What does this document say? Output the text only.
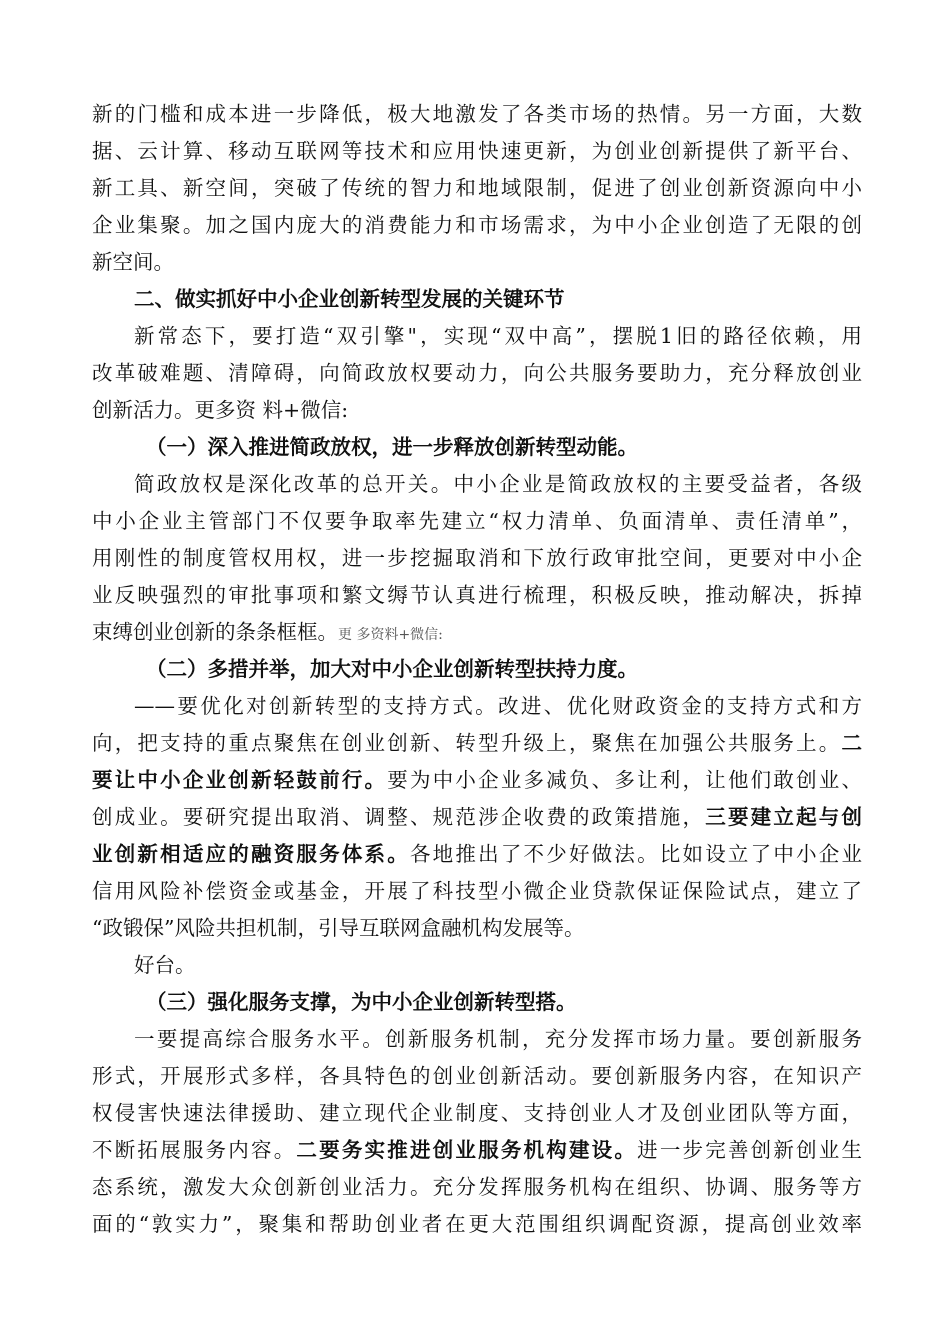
新的门槛和成本进一步降低，极大地激发了各类市场的热情。另一方面，大数
据、云计算、移动互联网等技术和应用快速更新，为创业创新提供了新平台、
新工具、新空间，突破了传统的智力和地域限制，促进了创业创新资源向中小
企业集聚。加之国内庞大的消费能力和市场需求，为中小企业创造了无限的创
新空间。
二、做实抓好中小企业创新转型发展的关键环节
新常态下，要打造“双引擎"，实现“双中高”，摆脱1旧的路径依赖，用
改革破难题、清障碍，向简政放权要动力，向公共服务要助力，充分释放创业
创新活力。更多资 料+微信:
（一）深入推进简政放权，进一步释放创新转型动能。
简政放权是深化改革的总开关。中小企业是简政放权的主要受益者，各级
中小企业主管部门不仅要争取率先建立“权力清单、负面清单、责任清单”，
用刚性的制度管权用权，进一步挖掘取消和下放行政审批空间，更要对中小企
业反映强烈的审批事项和繁文缛节认真进行梳理，积极反映，推动解决，拆掉
束缚创业创新的条条框框。更 多资料+微信:
（二）多措并举，加大对中小企业创新转型扶持力度。
——要优化对创新转型的支持方式。改进、优化财政资金的支持方式和方
向，把支持的重点聚焦在创业创新、转型升级上，聚焦在加强公共服务上。二
要让中小企业创新轻鼓前行。要为中小企业多减负、多让利，让他们敢创业、
创成业。要研究提出取消、调整、规范涉企收费的政策措施，三要建立起与创
业创新相适应的融资服务体系。各地推出了不少好做法。比如设立了中小企业
信用风险补偿资金或基金，开展了科技型小微企业贷款保证保险试点，建立了
“政锻保”风险共担机制，引导互联网盒融机构发展等。
好台。
（三）强化服务支撑，为中小企业创新转型搭。
一要提高综合服务水平。创新服务机制，充分发挥市场力量。要创新服务
形式，开展形式多样，各具特色的创业创新活动。要创新服务内容，在知识产
权侵害快速法律援助、建立现代企业制度、支持创业人才及创业团队等方面，
不断拓展服务内容。二要务实推进创业服务机构建设。进一步完善创新创业生
态系统，激发大众创新创业活力。充分发挥服务机构在组织、协调、服务等方
面的“敦实力”，聚集和帮助创业者在更大范围组织调配资源，提高创业效率
